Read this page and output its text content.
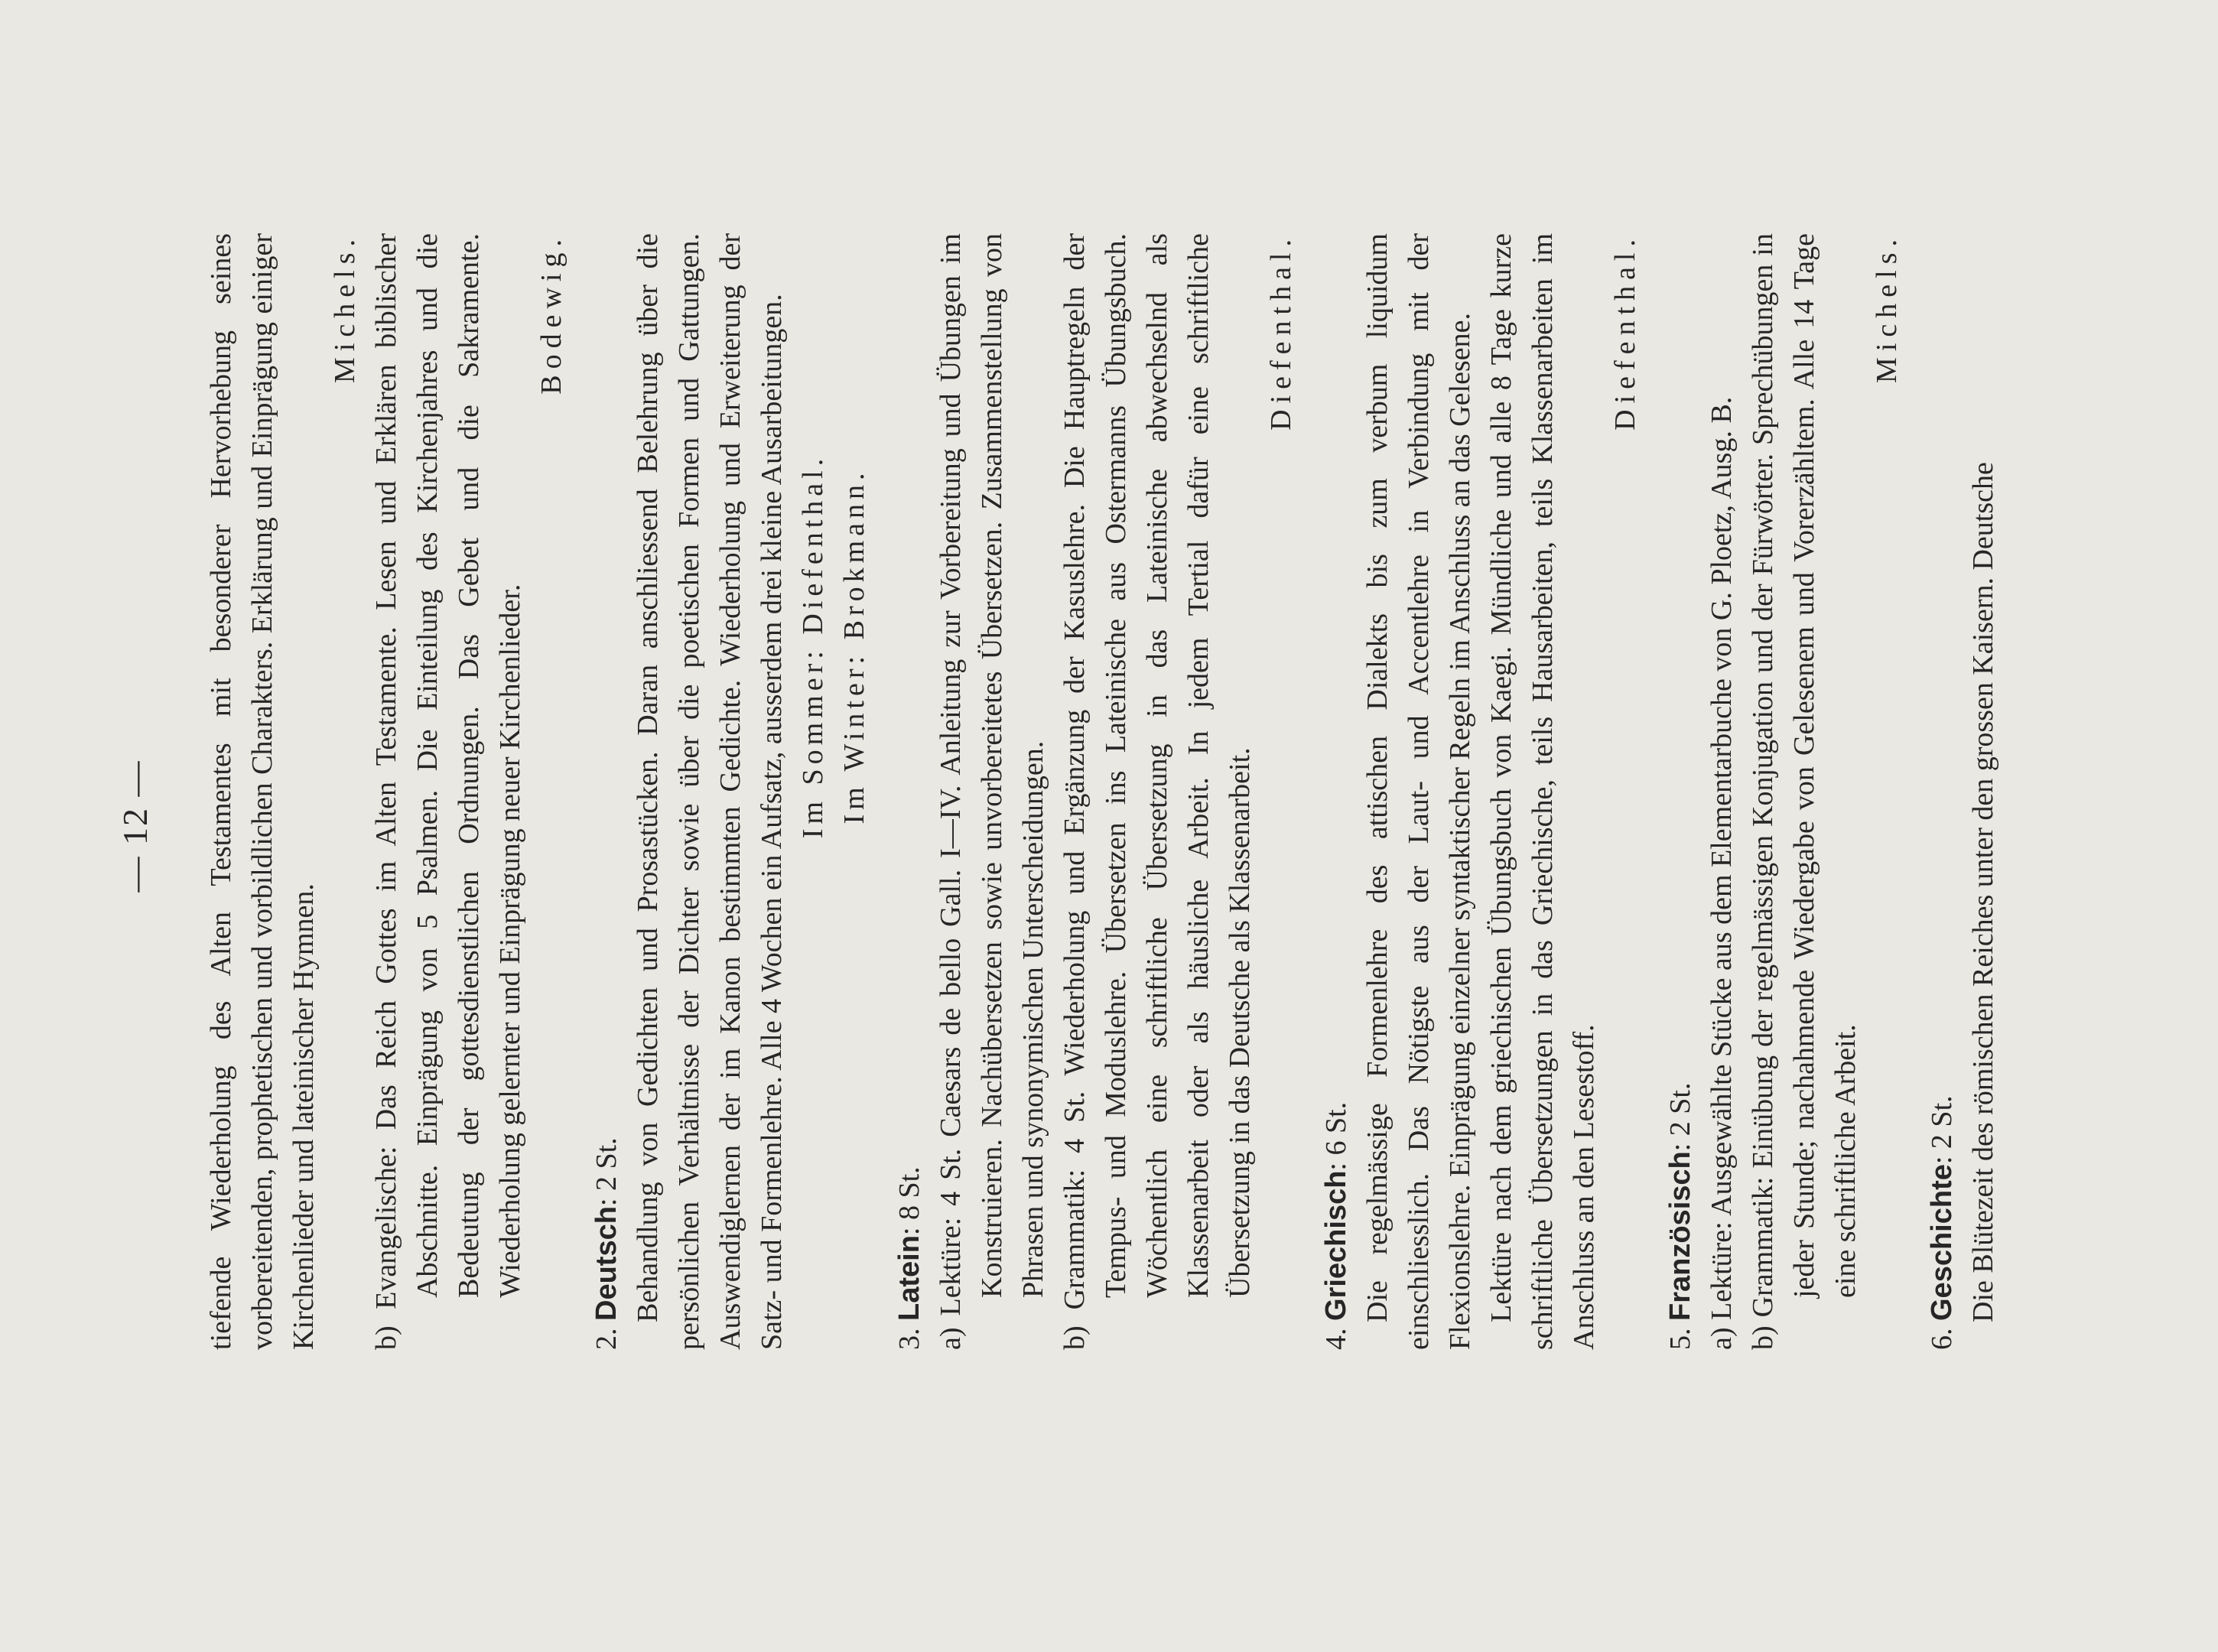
— 12 — tiefende Wiederholung des Alten Testamentes mit besonderer Hervorhebung seines vorbereitenden, prophetischen und vorbildlichen Charakters. Erklärung und Einprägung einiger Kirchenlieder und lateinischer Hymnen.

Michels. b) Evangelische: Das Reich Gottes im Alten Testamente. Lesen und Erklären biblischer Abschnitte. Einprägung von 5 Psalmen. Die Einteilung des Kirchenjahres und die Bedeutung der gottesdienstlichen Ordnungen. Das Gebet und die Sakramente. Wiederholung gelernter und Einprägung neuer Kirchenlieder.

Bodewig.

2. Deutsch: 2 St. Behandlung von Gedichten und Prosastücken. Daran anschliessend Belehrung über die persönlichen Verhältnisse der Dichter sowie über die poetischen Formen und Gattungen. Auswendiglernen der im Kanon bestimmten Gedichte. Wiederholung und Erweiterung der Satz- und Formenlehre. Alle 4 Wochen ein Aufsatz, ausserdem drei kleine Ausarbeitungen. Im Sommer: Diefenthal. Im Winter: Brokmann.

3. Latein: 8 St. a) Lektüre: 4 St. Caesars de bello Gall. I—IV. Anleitung zur Vorbereitung und Übungen im Konstruieren. Nachübersetzen sowie unvorbereitetes Übersetzen. Zusammenstellung von Phrasen und synonymischen Unterscheidungen. b) Grammatik: 4 St. Wiederholung und Ergänzung der Kasuslehre. Die Hauptregeln der Tempus- und Moduslehre. Übersetzen ins Lateinische aus Ostermanns Übungsbuch. Wöchentlich eine schriftliche Übersetzung in das Lateinische abwechselnd als Klassenarbeit oder als häusliche Arbeit. In jedem Tertial dafür eine schriftliche Übersetzung in das Deutsche als Klassenarbeit.

Diefenthal.

4. Griechisch: 6 St. Die regelmässige Formenlehre des attischen Dialekts bis zum verbum liquidum einschliesslich. Das Nötigste aus der Laut- und Accentlehre in Verbindung mit der Flexionslehre. Einprägung einzelner syntaktischer Regeln im Anschluss an das Gelesene. Lektüre nach dem griechischen Übungsbuch von Kaegi. Mündliche und alle 8 Tage kurze schriftliche Übersetzungen in das Griechische, teils Hausarbeiten, teils Klassenarbeiten im Anschluss an den Lesestoff.

Diefenthal.

5. Französisch: 2 St. a) Lektüre: Ausgewählte Stücke aus dem Elementarbuche von G. Ploetz, Ausg. B. b) Grammatik: Einübung der regelmässigen Konjugation und der Fürwörter. Sprechübungen in jeder Stunde; nachahmende Wiedergabe von Gelesenem und Vorerzähltem. Alle 14 Tage eine schriftliche Arbeit.

Michels.

6. Geschichte: 2 St. Die Blütezeit des römischen Reiches unter den grossen Kaisern. Deutsche
